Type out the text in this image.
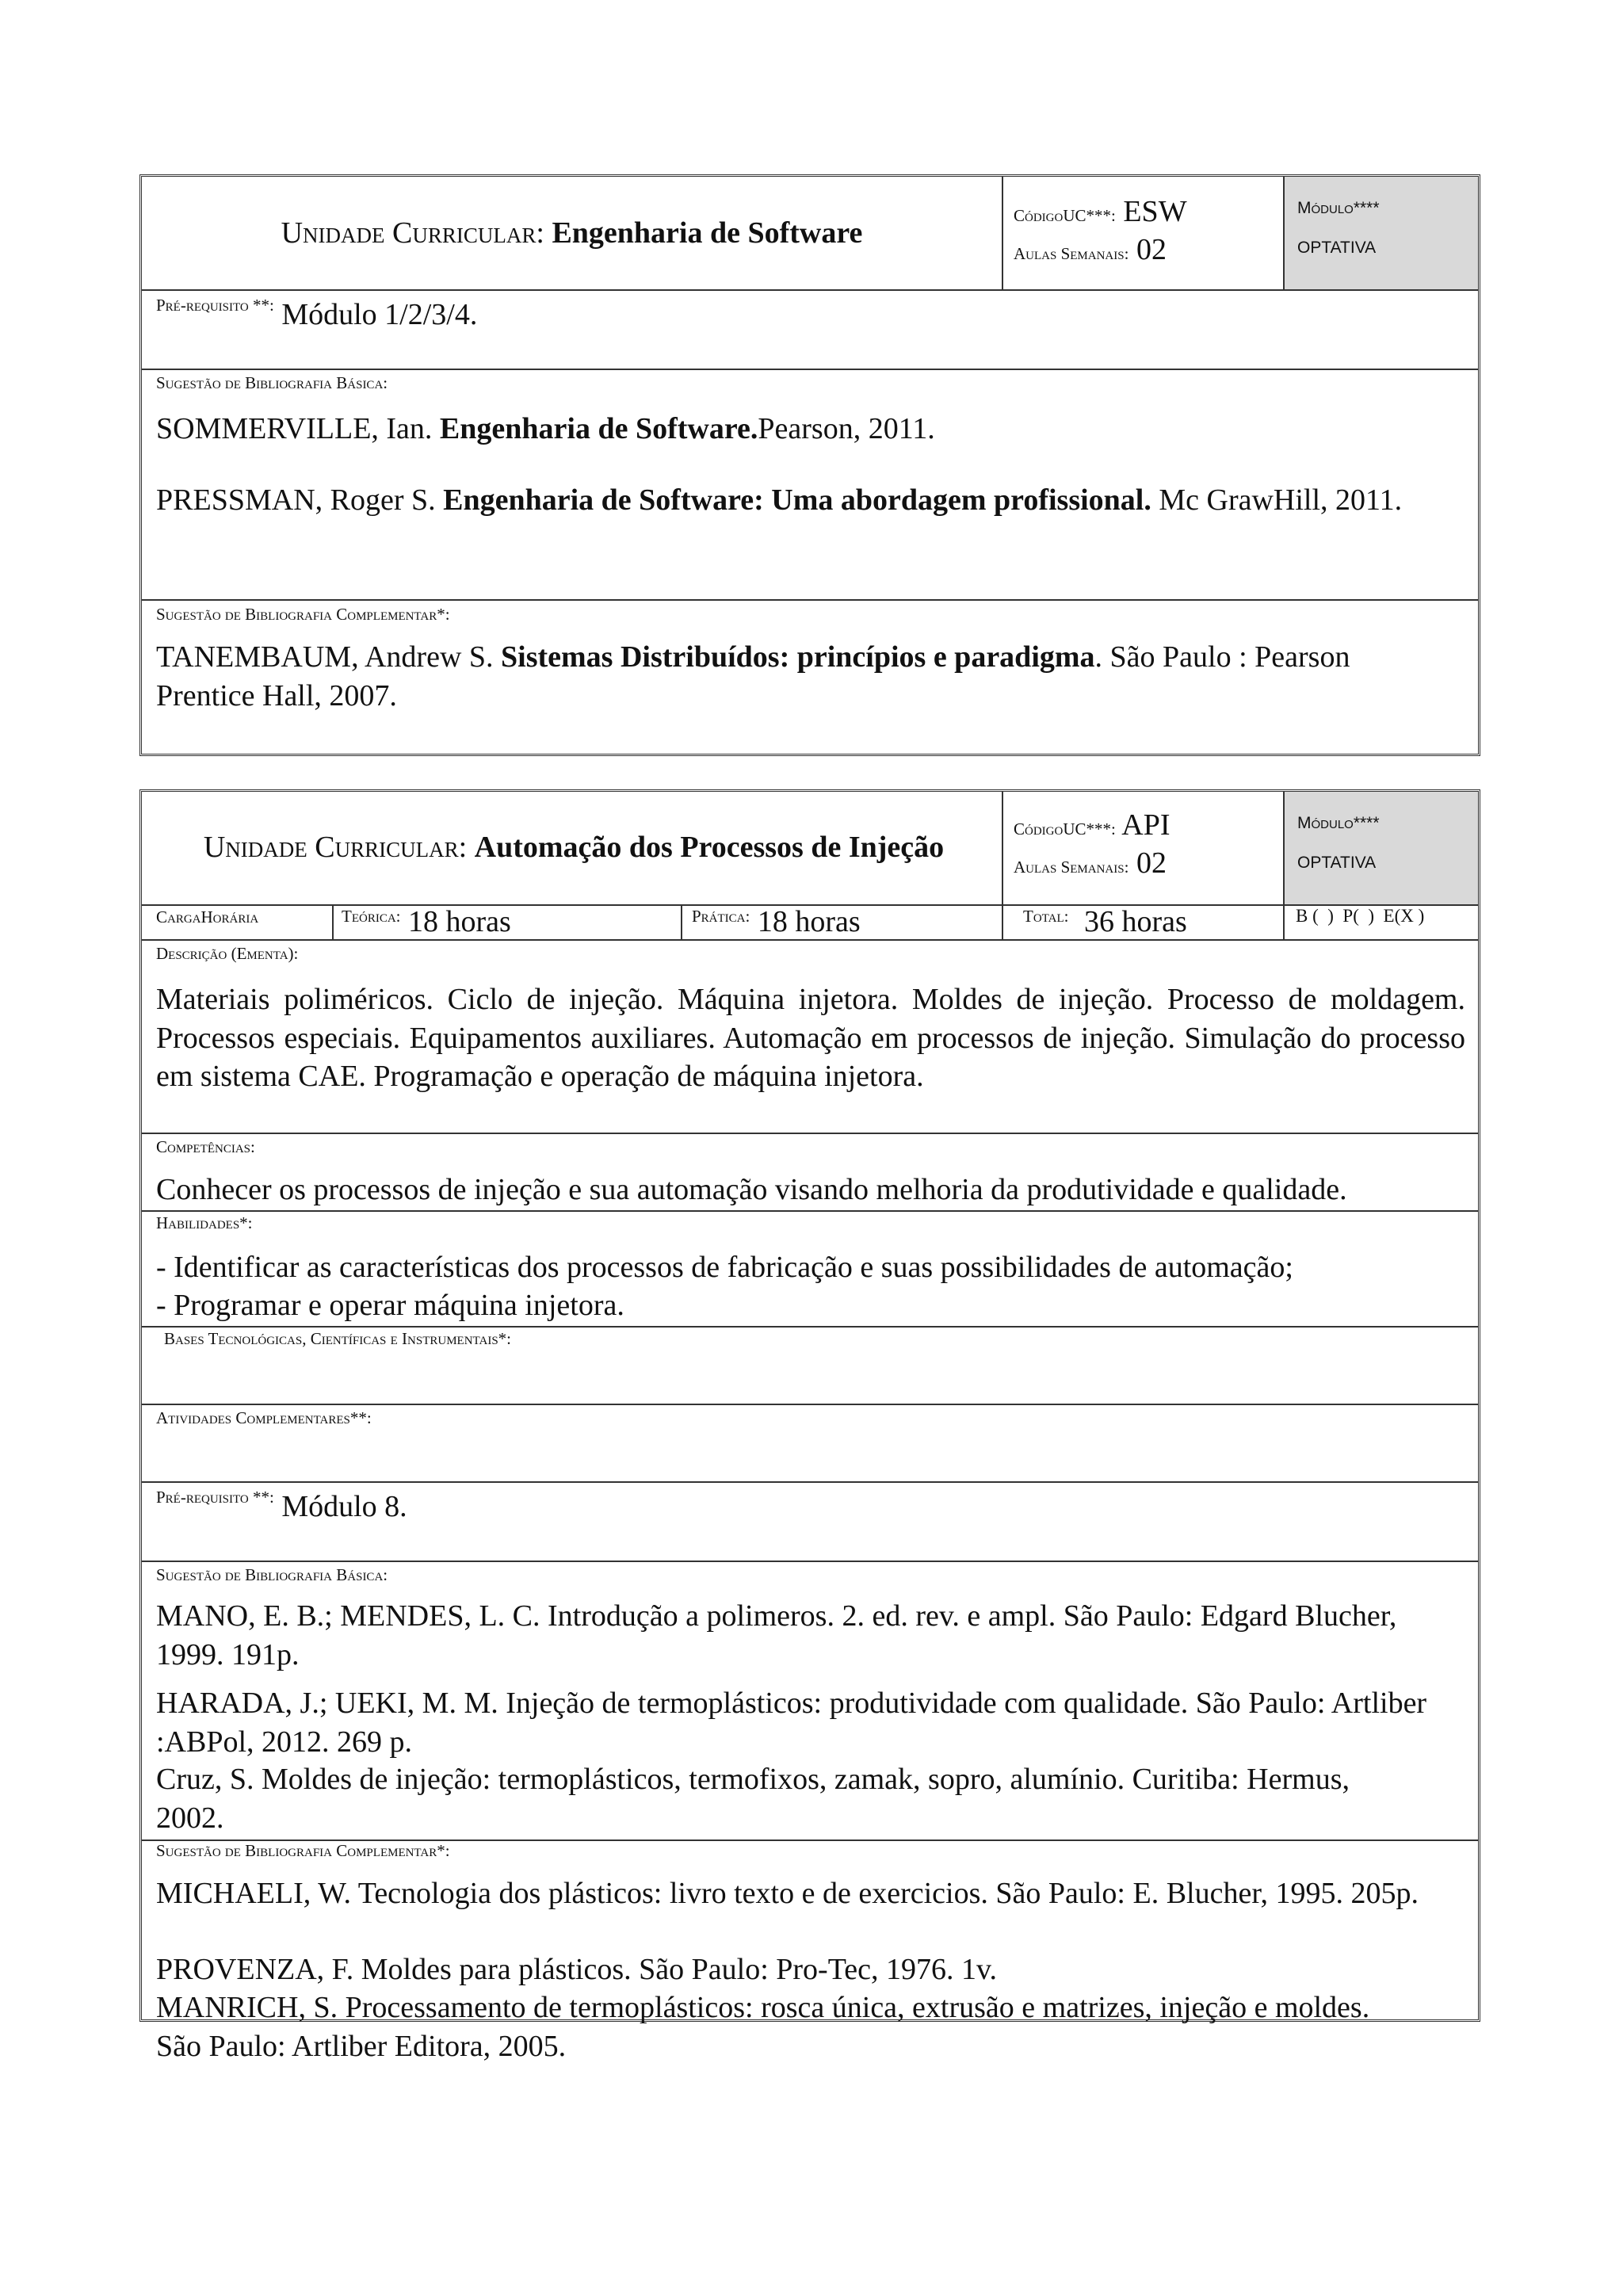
Unidade Curricular: Engenharia de Software
CódigoUC***: ESW
Aulas Semanais: 02
Módulo****
OPTATIVA
$^{Pré-requisito **:}$ Módulo 1/2/3/4.
Sugestão de Bibliografia Básica:
SOMMERVILLE, Ian. Engenharia de Software.Pearson, 2011.
PRESSMAN, Roger S. Engenharia de Software: Uma abordagem profissional. Mc GrawHill, 2011.
Sugestão de Bibliografia Complementar*:
TANEMBAUM, Andrew S. Sistemas Distribuídos: princípios e paradigma. São Paulo : Pearson Prentice Hall, 2007.
Unidade Curricular: Automação dos Processos de Injeção
CódigoUC***: API
Aulas Semanais: 02
Módulo****
OPTATIVA
CargaHorária	$^{Teórica:}$ 18 horas	$^{Prática:}$ 18 horas	$^{Total:}$ 36 horas	B (  )  P(  )  E(X )
Descrição (Ementa):
Materiais poliméricos. Ciclo de injeção. Máquina injetora. Moldes de injeção. Processo de moldagem. Processos especiais. Equipamentos auxiliares. Automação em processos de injeção. Simulação do processo em sistema CAE. Programação e operação de máquina injetora.
Competências:
Conhecer os processos de injeção e sua automação visando melhoria da produtividade e qualidade.
Habilidades*:
- Identificar as características dos processos de fabricação e suas possibilidades de automação;
- Programar e operar máquina injetora.
Bases Tecnológicas, Científicas e Instrumentais*:
Atividades Complementares**:
$^{Pré-requisito **:}$ Módulo 8.
Sugestão de Bibliografia Básica:
MANO, E. B.; MENDES, L. C. Introdução a polimeros. 2. ed. rev. e ampl. São Paulo: Edgard Blucher, 1999. 191p.
HARADA, J.; UEKI, M. M. Injeção de termoplásticos: produtividade com qualidade. São Paulo: Artliber :ABPol, 2012. 269 p.
Cruz, S. Moldes de injeção: termoplásticos, termofixos, zamak, sopro, alumínio. Curitiba: Hermus, 2002.
Sugestão de Bibliografia Complementar*:
MICHAELI, W. Tecnologia dos plásticos: livro texto e de exercicios. São Paulo: E. Blucher, 1995. 205p.
PROVENZA, F. Moldes para plásticos. São Paulo: Pro-Tec, 1976. 1v.
MANRICH, S. Processamento de termoplásticos: rosca única, extrusão e matrizes, injeção e moldes. São Paulo: Artliber Editora, 2005.
